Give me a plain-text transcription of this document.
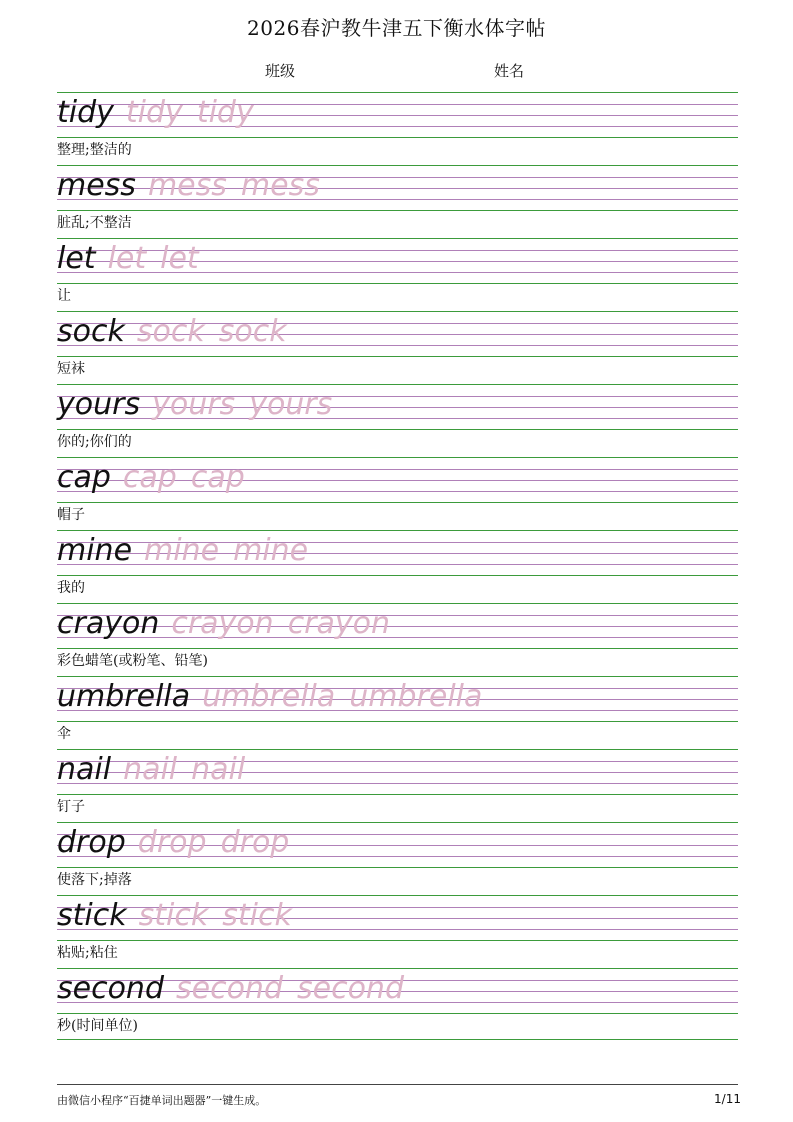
2026春沪教牛津五下衡水体字帖
班级	姓名
tidy tidy tidy
整理;整洁的
mess mess mess
脏乱;不整洁
let let let
让
sock sock sock
短袜
yours yours yours
你的;你们的
cap cap cap
帽子
mine mine mine
我的
crayon crayon crayon
彩色蜡笔(或粉笔、铅笔)
umbrella umbrella umbrella
伞
nail nail nail
钉子
drop drop drop
使落下;掉落
stick stick stick
粘贴;粘住
second second second
秒(时间单位)
由微信小程序“百捷单词出题器”一键生成。	1/11
